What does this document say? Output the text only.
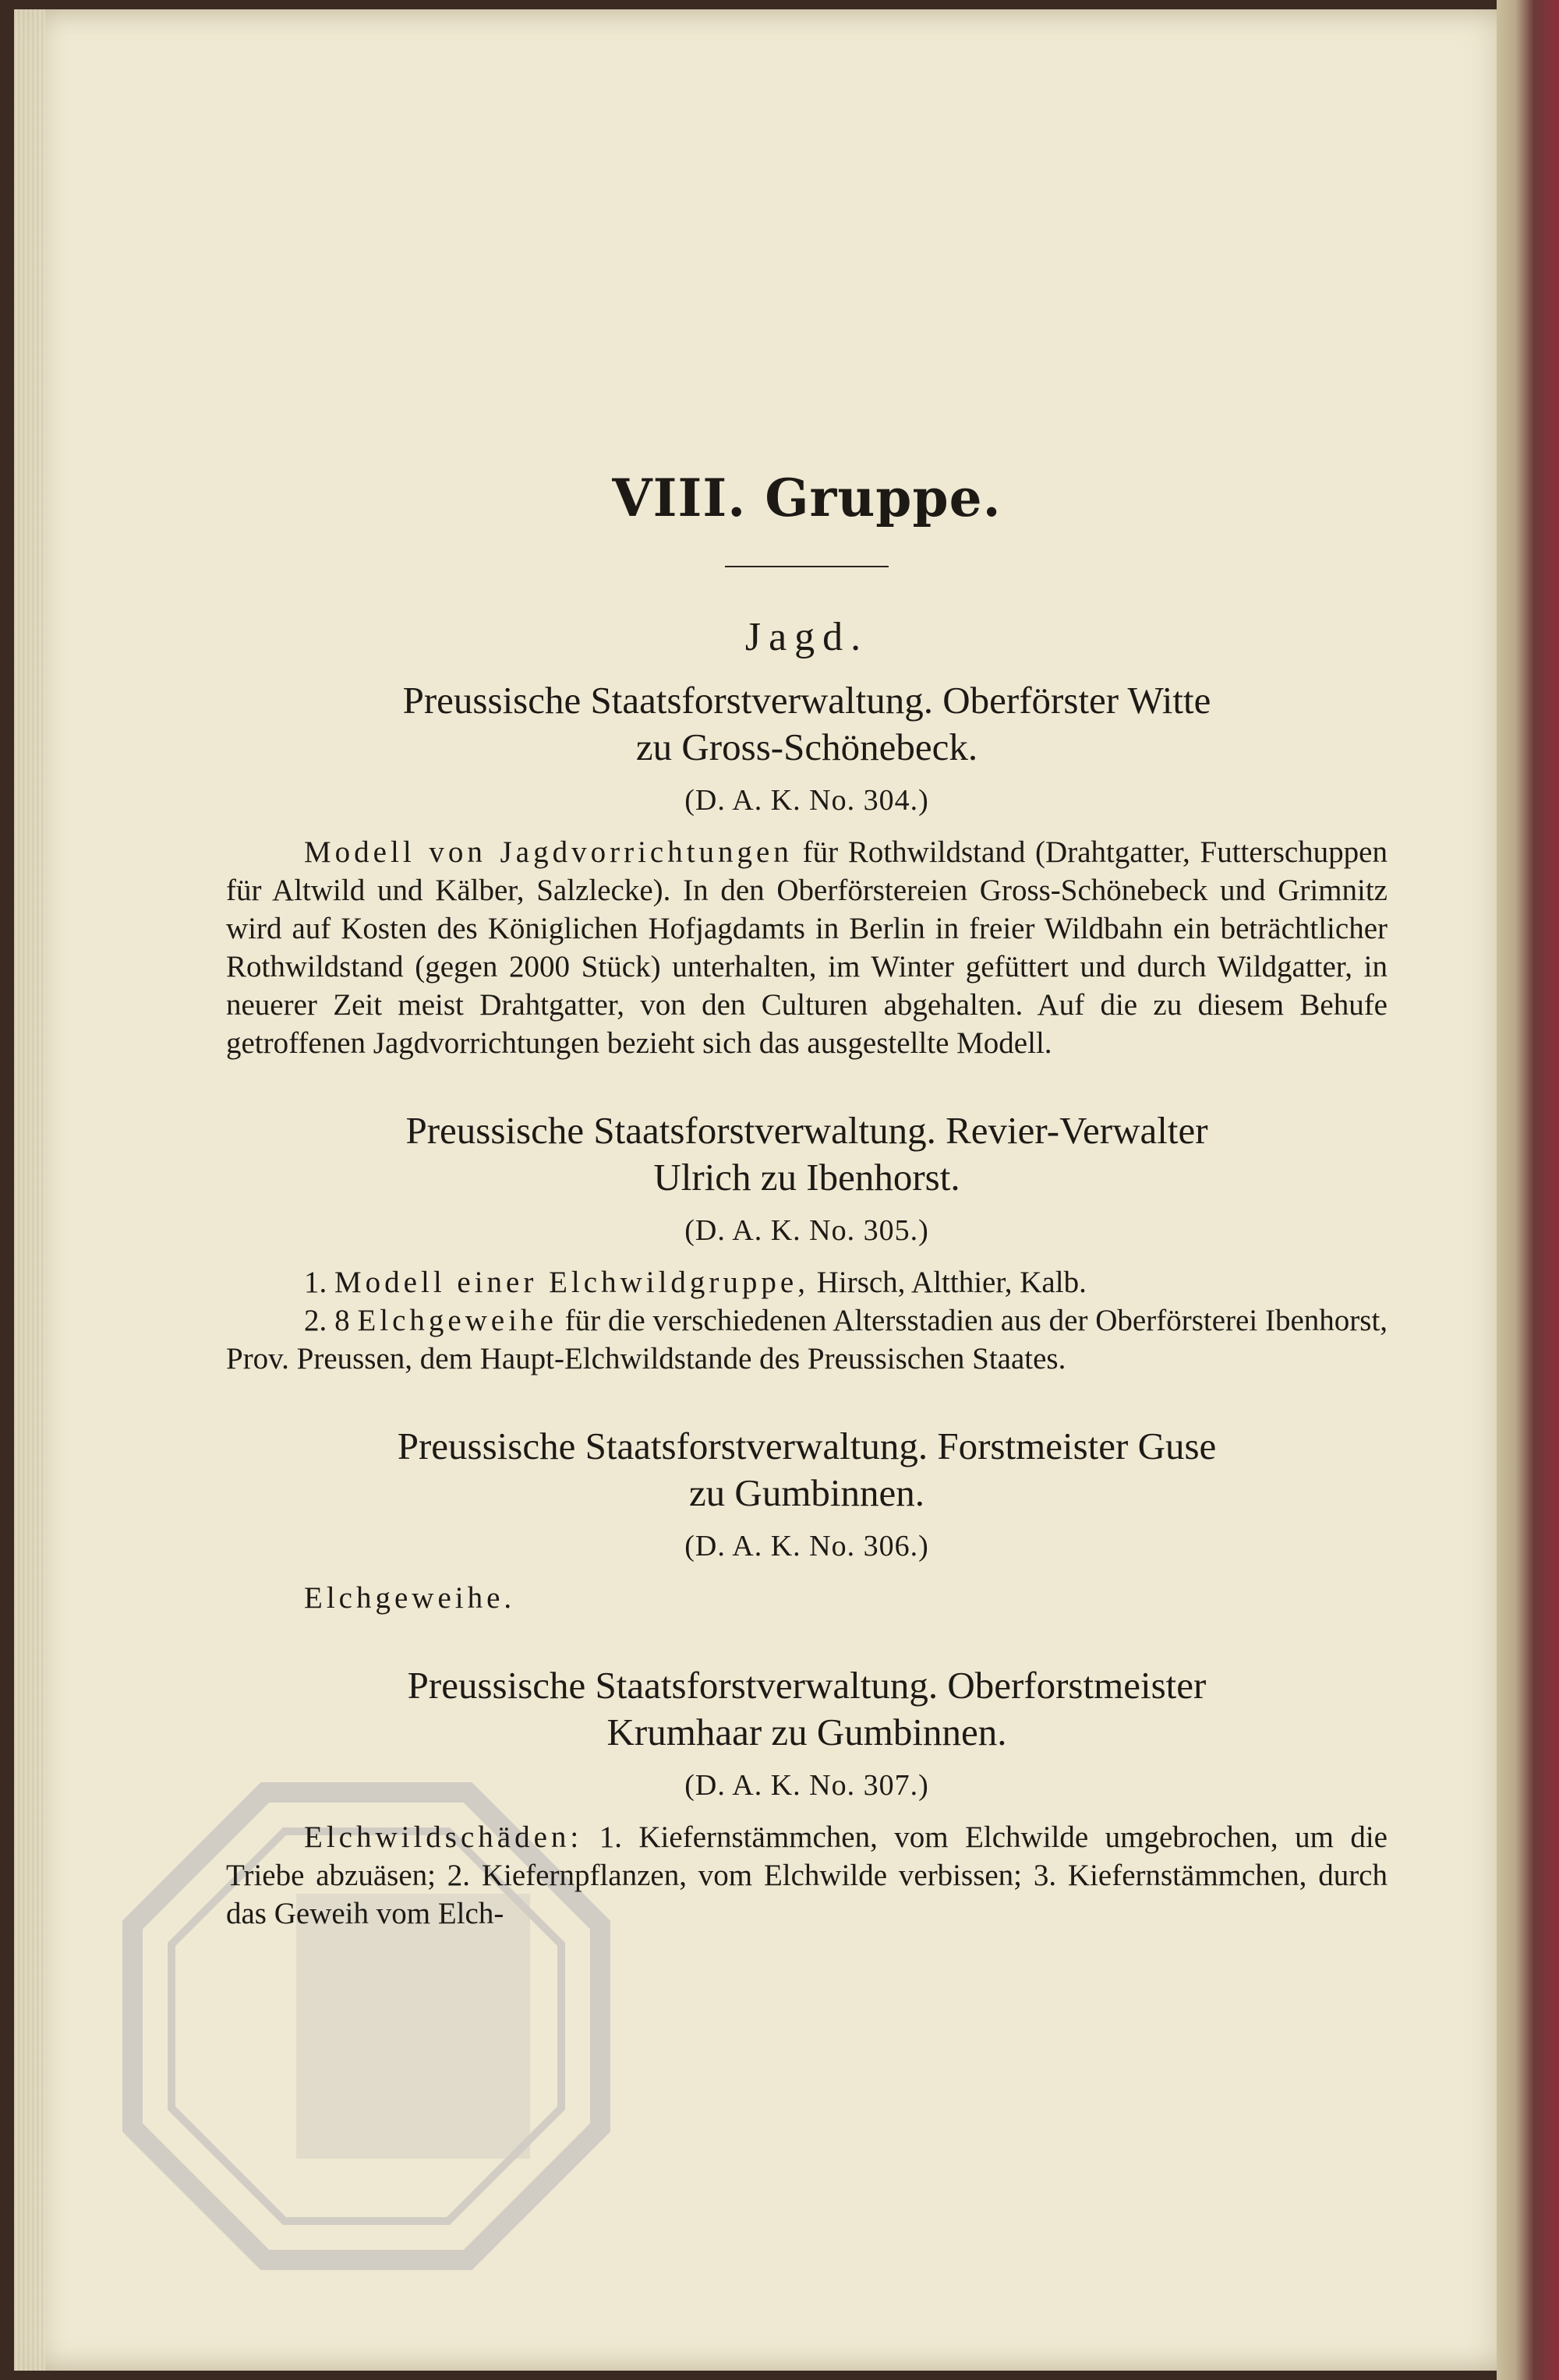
VIII. Gruppe.
Jagd.

Preussische Staatsforstverwaltung. Oberförster Witte

zu Gross-Schönebeck.

(D. A. K. No. 304.)

Modell von Jagdvorrichtungen für Rothwildstand (Drahtgatter, Futterschuppen für Altwild und Kälber, Salzlecke). In den Oberförstereien Gross-Schönebeck und Grimnitz wird auf Kosten des Königlichen Hofjagdamts in Berlin in freier Wildbahn ein beträchtlicher Rothwildstand (gegen 2000 Stück) unterhalten, im Winter gefüttert und durch Wildgatter, in neuerer Zeit meist Drahtgatter, von den Culturen abgehalten. Auf die zu diesem Behufe getroffenen Jagdvorrichtungen bezieht sich das ausgestellte Modell.

Preussische Staatsforstverwaltung. Revier-Verwalter

Ulrich zu Ibenhorst.

(D. A. K. No. 305.)

1. Modell einer Elchwildgruppe, Hirsch, Altthier, Kalb.

2. 8 Elchgeweihe für die verschiedenen Altersstadien aus der Oberförsterei Ibenhorst, Prov. Preussen, dem Haupt-Elchwildstande des Preussischen Staates.

Preussische Staatsforstverwaltung. Forstmeister Guse

zu Gumbinnen.

(D. A. K. No. 306.)

Elchgeweihe.

Preussische Staatsforstverwaltung. Oberforstmeister

Krumhaar zu Gumbinnen.

(D. A. K. No. 307.)

Elchwildschäden: 1. Kiefernstämmchen, vom Elchwilde umgebrochen, um die Triebe abzuäsen; 2. Kiefernpflanzen, vom Elchwilde verbissen; 3. Kiefernstämmchen, durch das Geweih vom Elch-
